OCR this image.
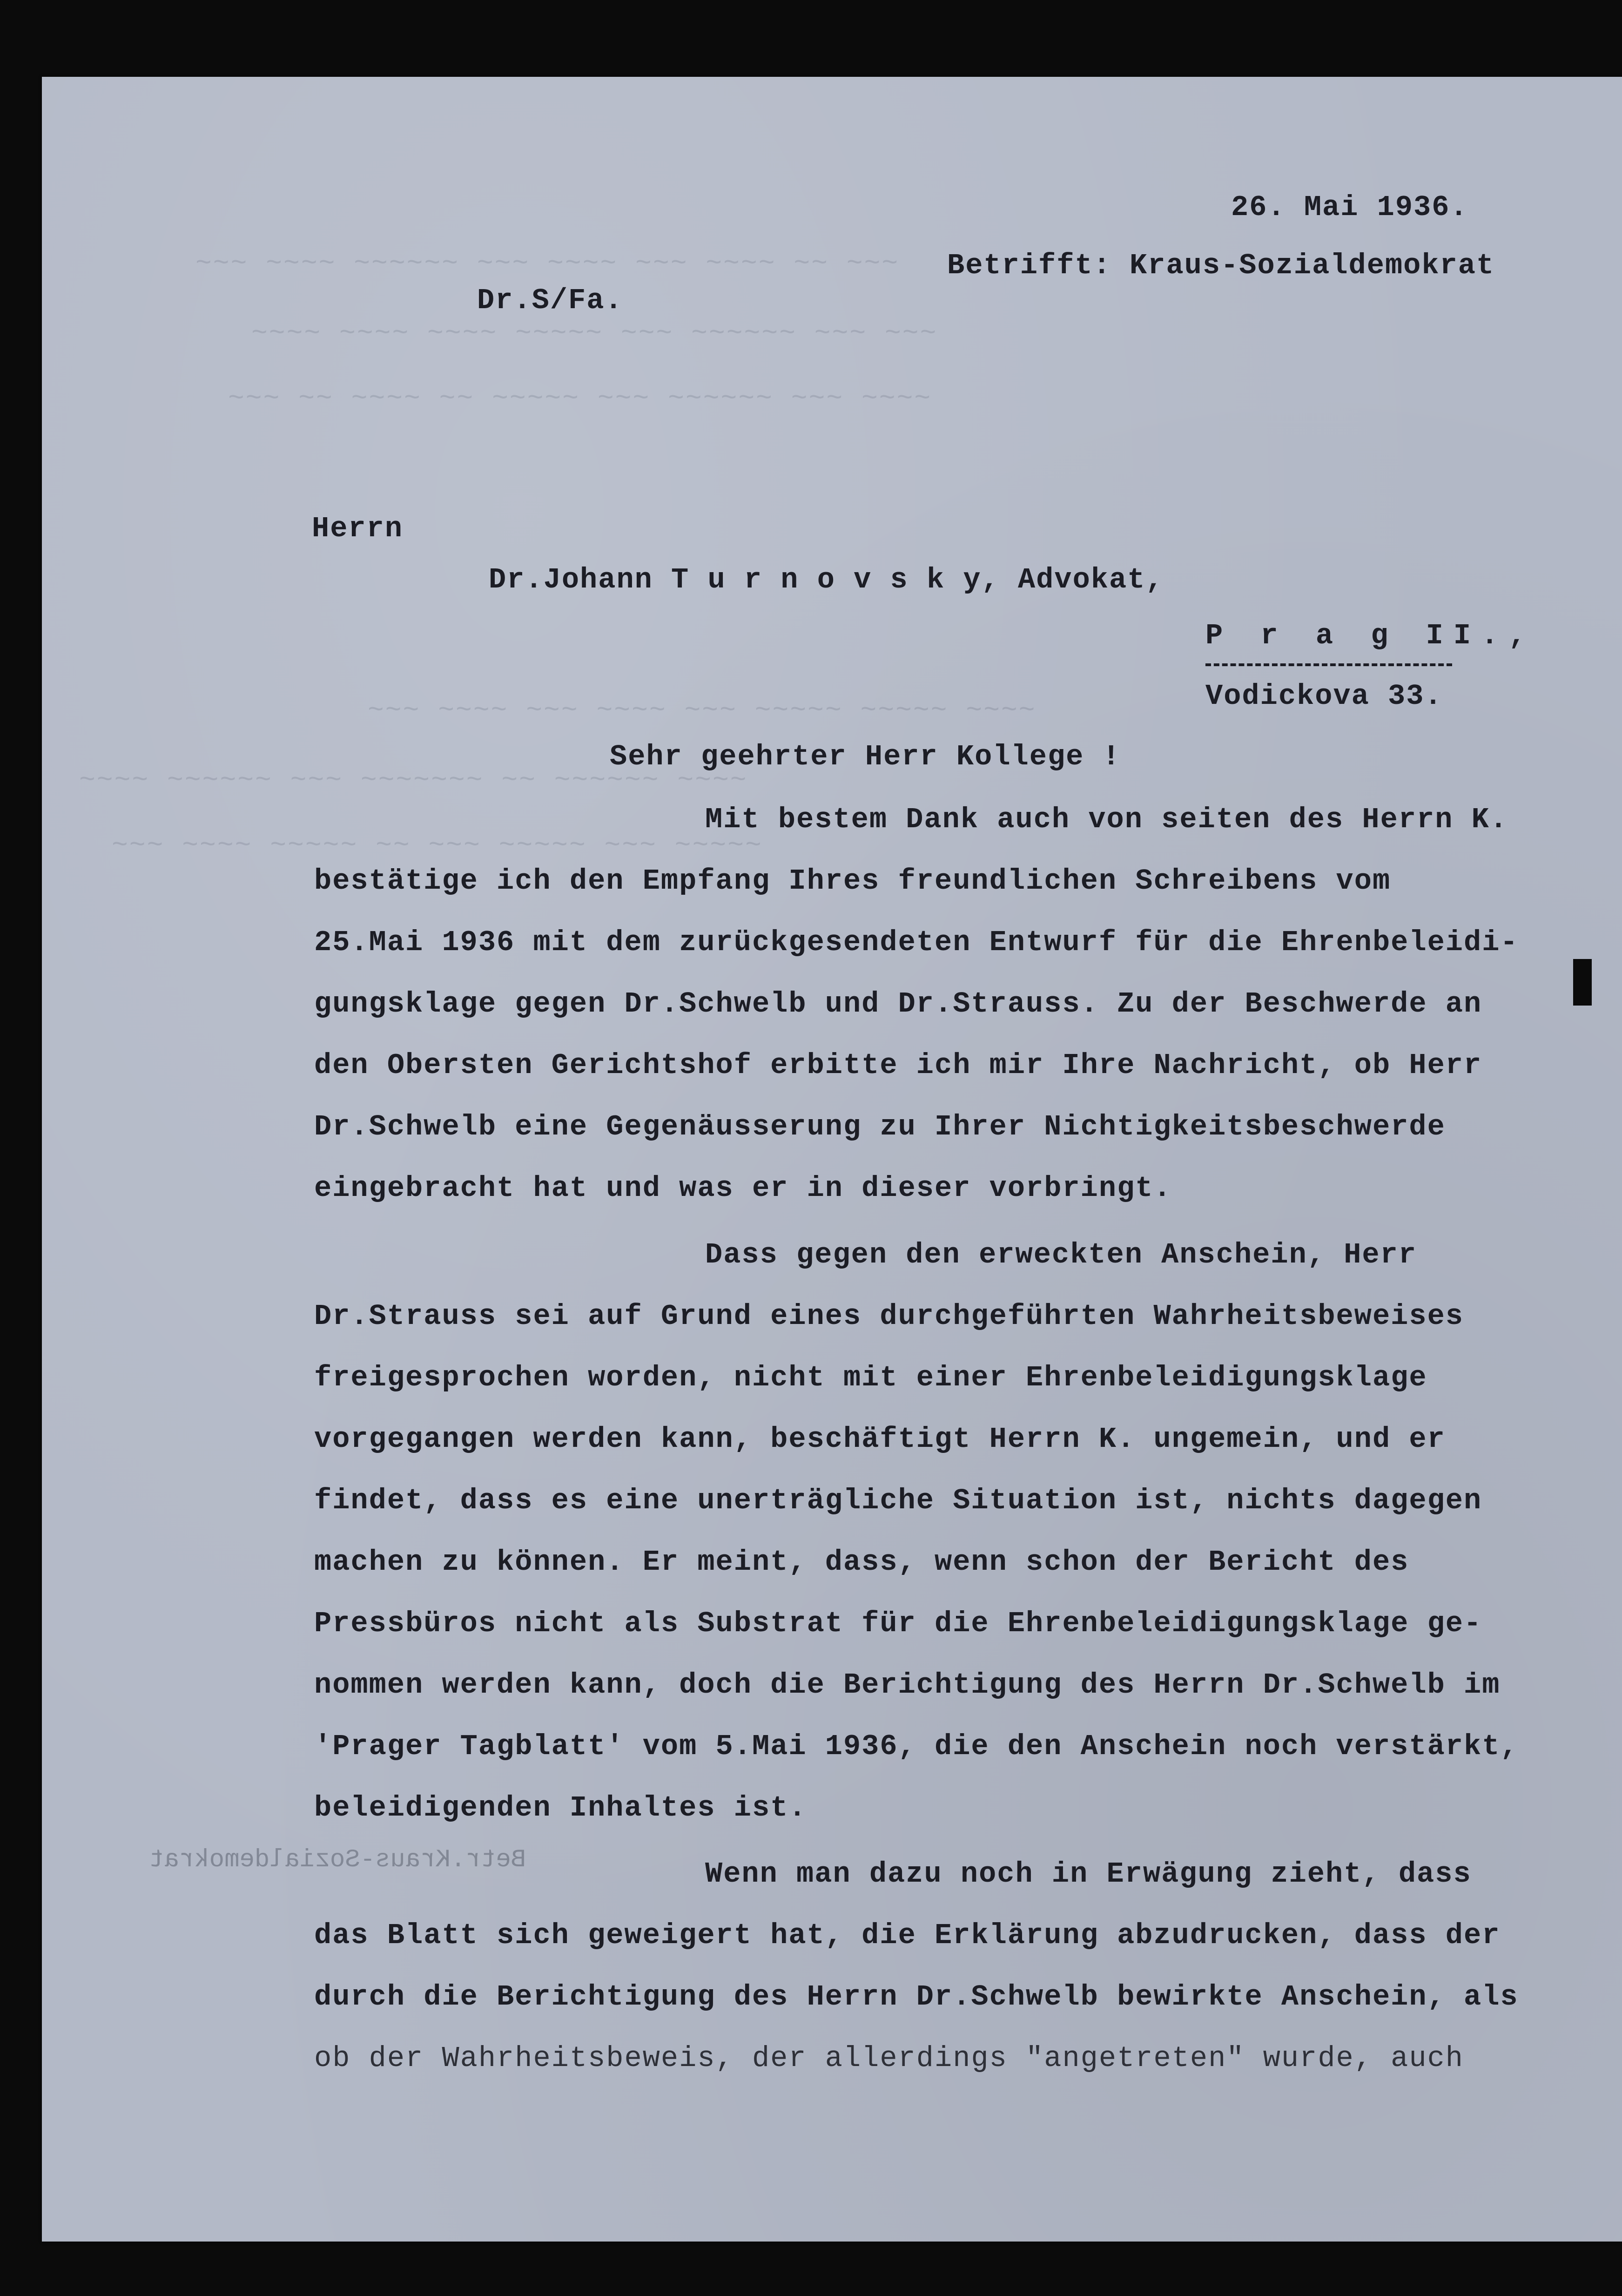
~~~ ~~~~ ~~~~~~ ~~~ ~~~~ ~~~ ~~~~ ~~ ~~~
~~~~ ~~~~ ~~~~ ~~~~~ ~~~ ~~~~~~ ~~~ ~~~
~~~ ~~ ~~~~ ~~ ~~~~~ ~~~ ~~~~~~ ~~~ ~~~~
~~~ ~~~~ ~~~ ~~~~ ~~~ ~~~~~ ~~~~~ ~~~~
~~~~ ~~~~~~ ~~~ ~~~~~~~ ~~ ~~~~~~ ~~~~
~~~ ~~~~ ~~~~~ ~~ ~~~ ~~~~~ ~~~ ~~~~~
26. Mai 1936.
Betrifft: Kraus-Sozialdemokrat
Dr.S/Fa.
Herrn
Dr.Johann T u r n o v s k y, Advokat,
P r a g II.,
Vodickova 33.
Sehr geehrter Herr Kollege !
Mit bestem Dank auch von seiten des Herrn K.
bestätige ich den Empfang Ihres freundlichen Schreibens vom
25.Mai 1936 mit dem zurückgesendeten Entwurf für die Ehrenbeleidi-
gungsklage gegen Dr.Schwelb und Dr.Strauss. Zu der Beschwerde an
den Obersten Gerichtshof erbitte ich mir Ihre Nachricht, ob Herr
Dr.Schwelb eine Gegenäusserung zu Ihrer Nichtigkeitsbeschwerde
eingebracht hat und was er in dieser vorbringt.
Dass gegen den erweckten Anschein, Herr
Dr.Strauss sei auf Grund eines durchgeführten Wahrheitsbeweises
freigesprochen worden, nicht mit einer Ehrenbeleidigungsklage
vorgegangen werden kann, beschäftigt Herrn K. ungemein, und er
findet, dass es eine unerträgliche Situation ist, nichts dagegen
machen zu können. Er meint, dass, wenn schon der Bericht des
Pressbüros nicht als Substrat für die Ehrenbeleidigungsklage ge-
nommen werden kann, doch die Berichtigung des Herrn Dr.Schwelb im
'Prager Tagblatt' vom 5.Mai 1936, die den Anschein noch verstärkt,
beleidigenden Inhaltes ist.
Betr.Kraus-Sozialdemokrat	Wenn man dazu noch in Erwägung zieht, dass
das Blatt sich geweigert hat, die Erklärung abzudrucken, dass der
durch die Berichtigung des Herrn Dr.Schwelb bewirkte Anschein, als
ob der Wahrheitsbeweis, der allerdings "angetreten" wurde, auch
